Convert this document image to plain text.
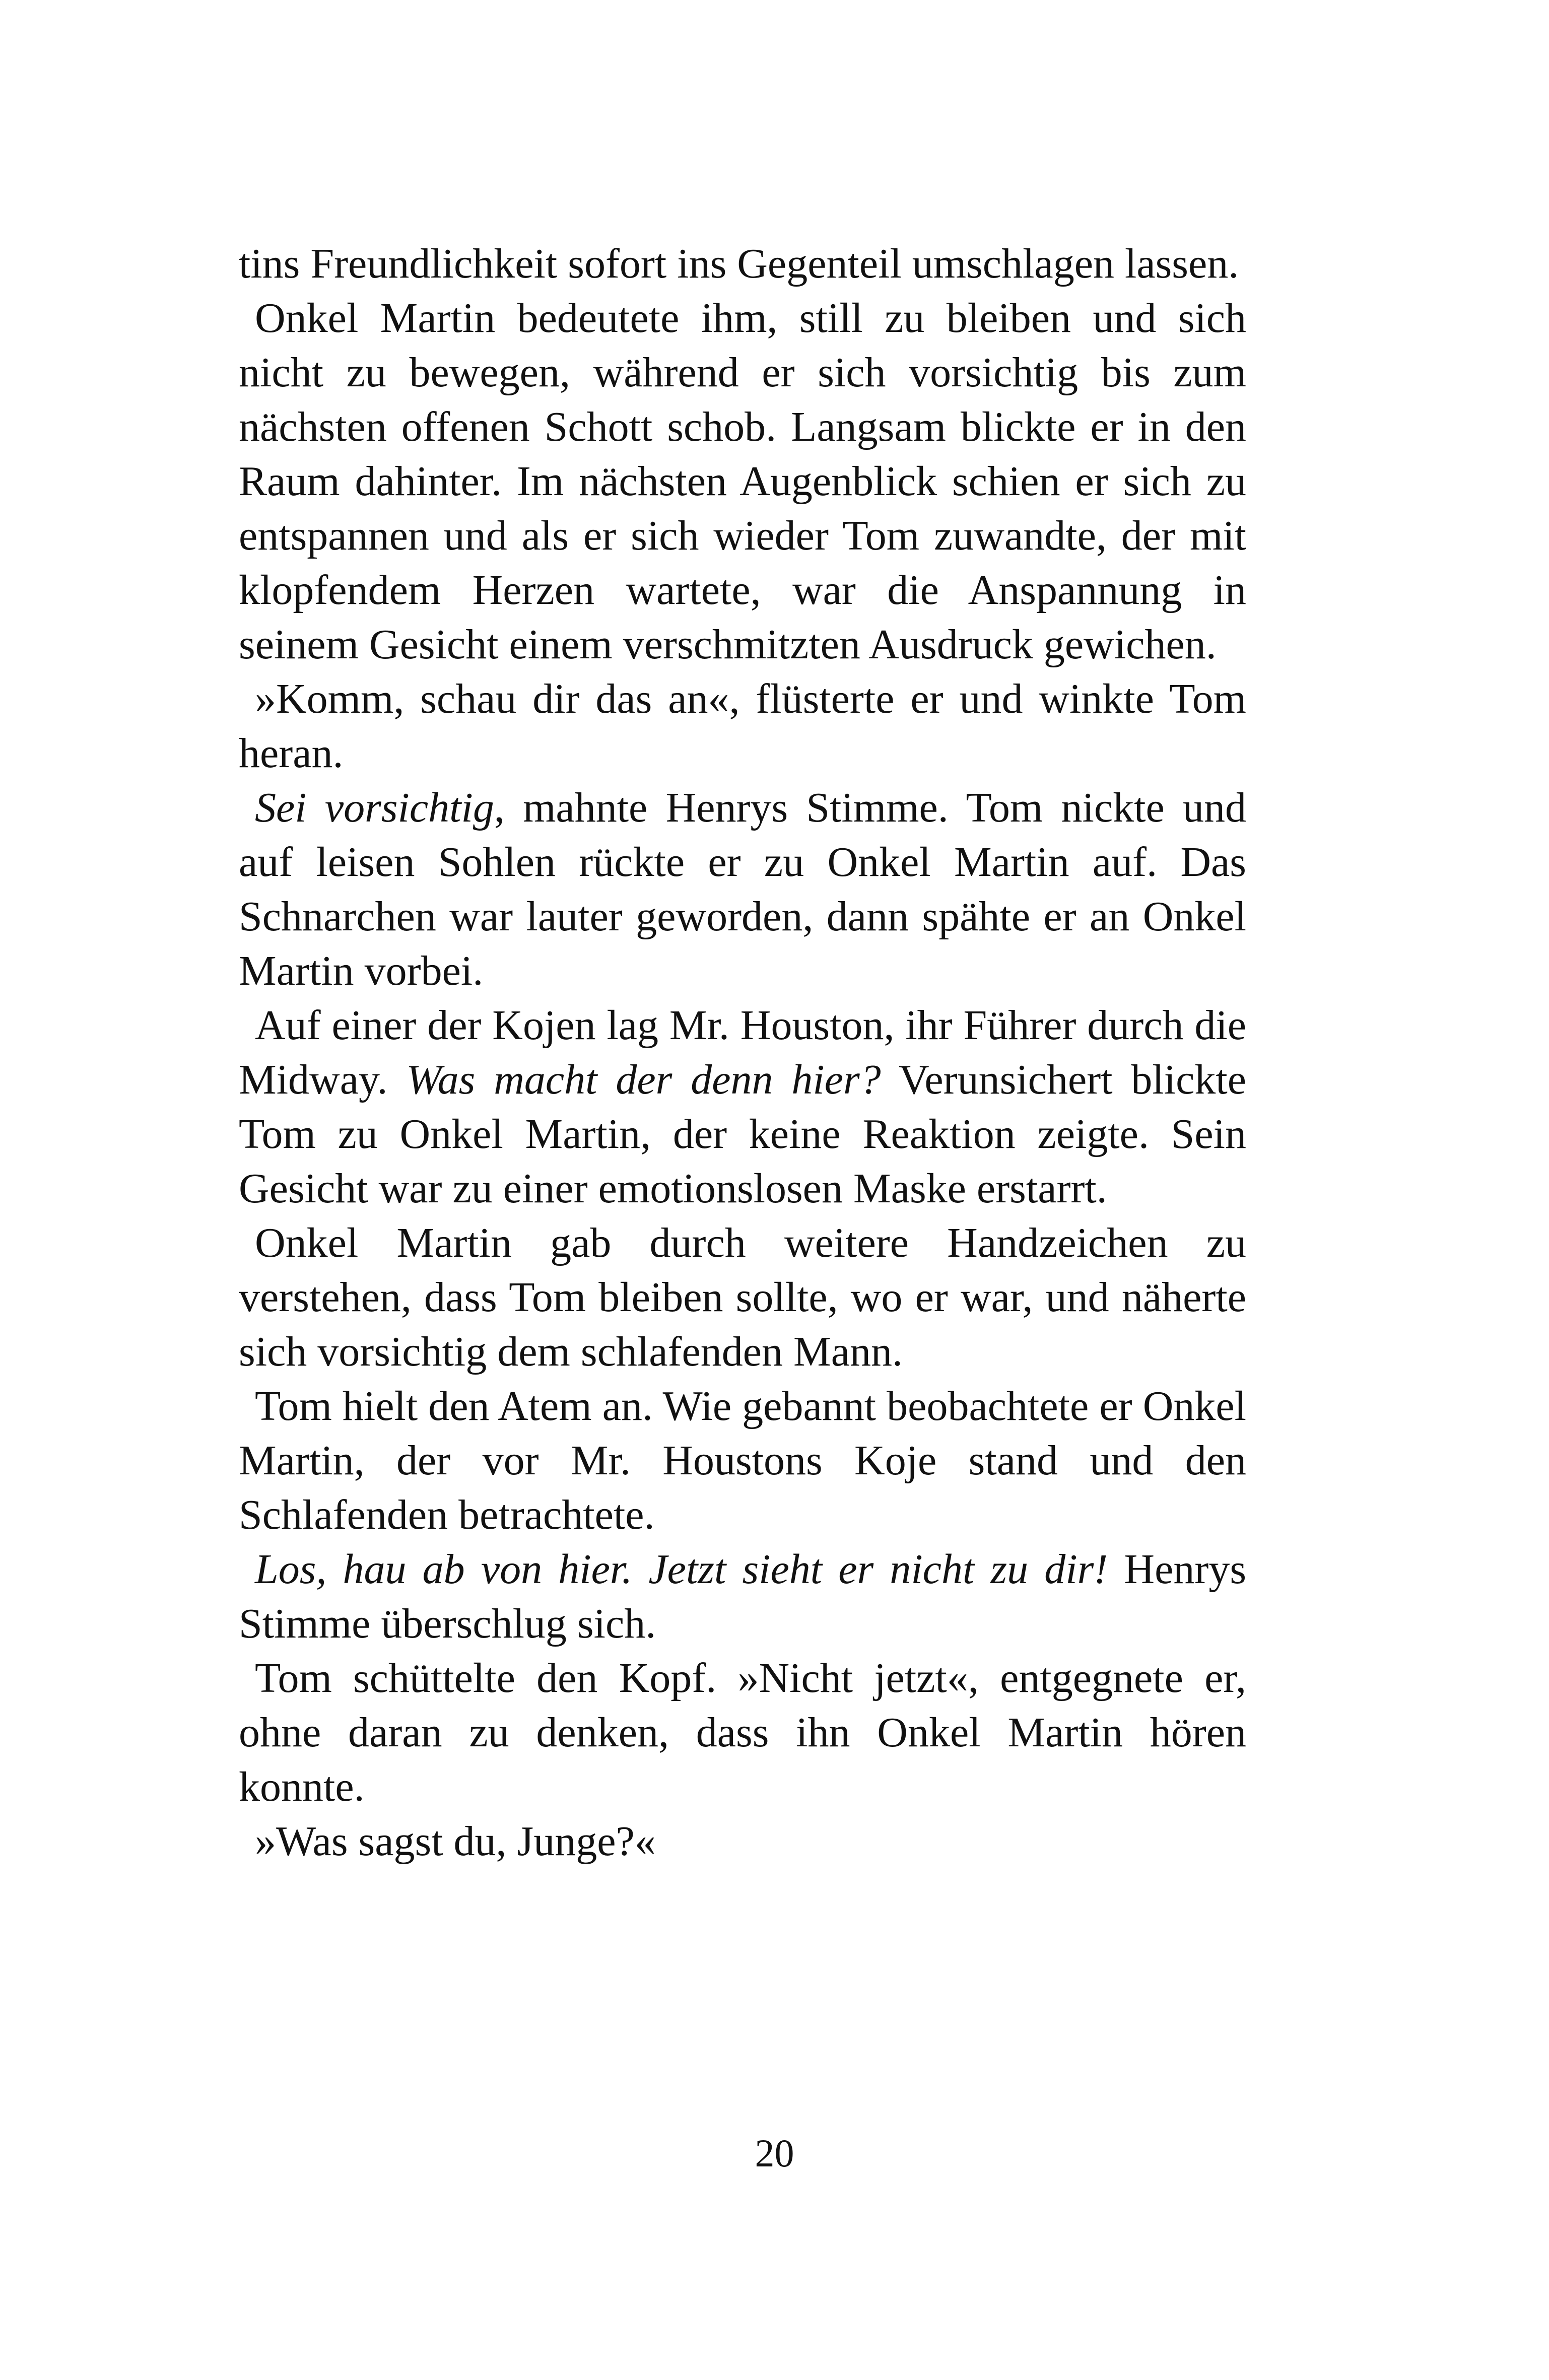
tins Freundlichkeit sofort ins Gegenteil umschlagen lassen.

Onkel Martin bedeutete ihm, still zu bleiben und sich nicht zu bewegen, während er sich vorsichtig bis zum nächsten offenen Schott schob. Langsam blickte er in den Raum dahinter. Im nächsten Augenblick schien er sich zu entspannen und als er sich wieder Tom zuwandte, der mit klopfendem Herzen wartete, war die Anspannung in seinem Gesicht einem verschmitzten Ausdruck gewichen.

»Komm, schau dir das an«, flüsterte er und winkte Tom heran.

Sei vorsichtig, mahnte Henrys Stimme. Tom nickte und auf leisen Sohlen rückte er zu Onkel Martin auf. Das Schnarchen war lauter geworden, dann spähte er an Onkel Martin vorbei.

Auf einer der Kojen lag Mr. Houston, ihr Führer durch die Midway. Was macht der denn hier? Verunsichert blickte Tom zu Onkel Martin, der keine Reaktion zeigte. Sein Gesicht war zu einer emotionslosen Maske erstarrt.

Onkel Martin gab durch weitere Handzeichen zu verstehen, dass Tom bleiben sollte, wo er war, und näherte sich vorsichtig dem schlafenden Mann.

Tom hielt den Atem an. Wie gebannt beobachtete er Onkel Martin, der vor Mr. Houstons Koje stand und den Schlafenden betrachtete.

Los, hau ab von hier. Jetzt sieht er nicht zu dir! Henrys Stimme überschlug sich.

Tom schüttelte den Kopf. »Nicht jetzt«, entgegnete er, ohne daran zu denken, dass ihn Onkel Martin hören konnte.

»Was sagst du, Junge?«

20
